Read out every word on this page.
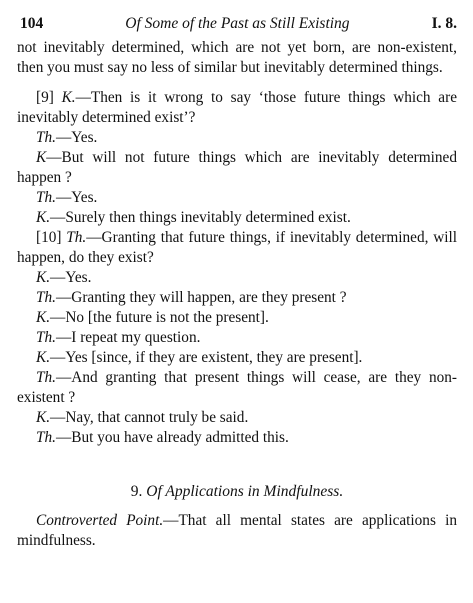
104	Of Some of the Past as Still Existing	I. 8.

not inevitably determined, which are not yet born, are non-existent, then you must say no less of similar but inevitably determined things.

[9] K.—Then is it wrong to say ‘those future things which are inevitably determined exist’?

Th.—Yes.

K—But will not future things which are inevitably determined happen ?

Th.—Yes.

K.—Surely then things inevitably determined exist.

[10] Th.—Granting that future things, if inevitably determined, will happen, do they exist?

K.—Yes.

Th.—Granting they will happen, are they present ?

K.—No [the future is not the present].

Th.—I repeat my question.

K.—Yes [since, if they are existent, they are present].

Th.—And granting that present things will cease, are they non-existent ?

K.—Nay, that cannot truly be said.

Th.—But you have already admitted this.

9. Of Applications in Mindfulness.

Controverted Point.—That all mental states are applications in mindfulness.
